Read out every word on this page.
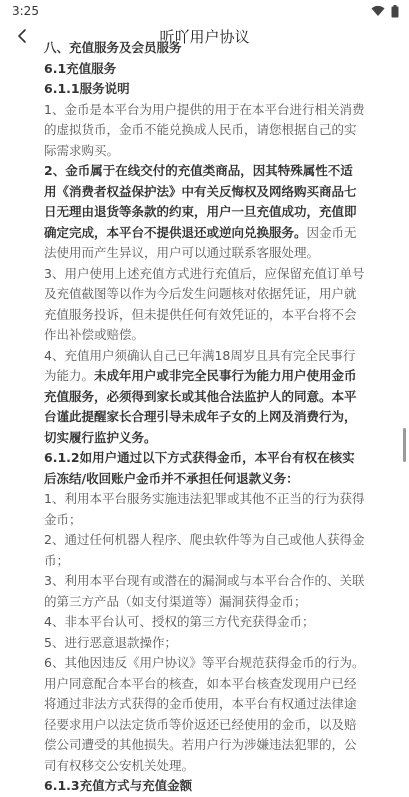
3:25
听吖用户协议

八、充值服务及会员服务

6.1充值服务

6.1.1服务说明

1、金币是本平台为用户提供的用于在本平台进行相关消费的虚拟货币，金币不能兑换成人民币，请您根据自己的实际需求购买。

2、金币属于在线交付的充值类商品，因其特殊属性不适用《消费者权益保护法》中有关反悔权及网络购买商品七日无理由退货等条款的约束，用户一旦充值成功，充值即确定完成，本平台不提供退还或逆向兑换服务。因金币无法使用而产生异议，用户可以通过联系客服处理。

3、用户使用上述充值方式进行充值后，应保留充值订单号及充值截图等以作为今后发生问题核对依据凭证，用户就充值服务投诉，但未提供任何有效凭证的，本平台将不会作出补偿或赔偿。

4、充值用户须确认自己已年满18周岁且具有完全民事行为能力。未成年用户或非完全民事行为能力用户使用金币充值服务，必须得到家长或其他合法监护人的同意。本平台谨此提醒家长合理引导未成年子女的上网及消费行为，切实履行监护义务。

6.1.2如用户通过以下方式获得金币，本平台有权在核实后冻结/收回账户金币并不承担任何退款义务：

1、利用本平台服务实施违法犯罪或其他不正当的行为获得金币；

2、通过任何机器人程序、爬虫软件等为自己或他人获得金币；

3、利用本平台现有或潜在的漏洞或与本平台合作的、关联的第三方产品（如支付渠道等）漏洞获得金币；

4、非本平台认可、授权的第三方代充获得金币；

5、进行恶意退款操作；

6、其他因违反《用户协议》等平台规范获得金币的行为。

用户同意配合本平台的核查，如本平台核查发现用户已经将通过非法方式获得的金币使用，本平台有权通过法律途径要求用户以法定货币等价返还已经使用的金币，以及赔偿公司遭受的其他损失。若用户行为涉嫌违法犯罪的，公司有权移交公安机关处理。

6.1.3充值方式与充值金额
